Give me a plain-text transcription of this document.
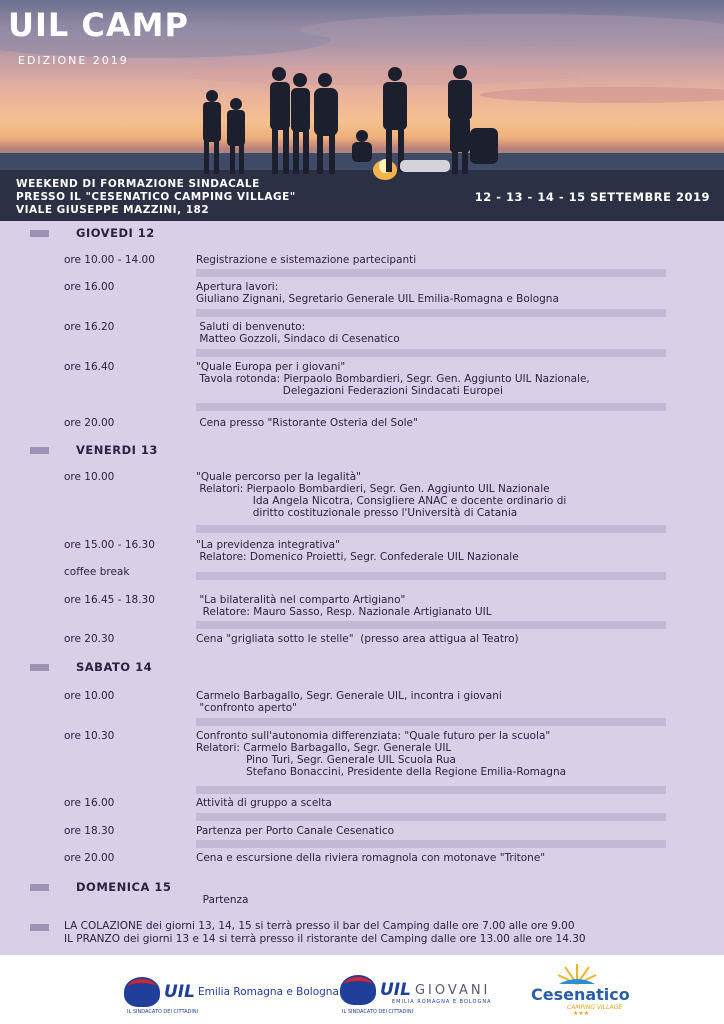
UIL CAMP
EDIZIONE 2019
WEEKEND DI FORMAZIONE SINDACALE
PRESSO IL "CESENATICO CAMPING VILLAGE"
VIALE GIUSEPPE MAZZINI, 182
12 - 13 - 14 - 15 SETTEMBRE 2019
GIOVEDI 12
ore 10.00 - 14.00	Registrazione e sistemazione partecipanti
ore 16.00	Apertura lavori:
Giuliano Zignani, Segretario Generale UIL Emilia-Romagna e Bologna
ore 16.20	Saluti di benvenuto:
Matteo Gozzoli, Sindaco di Cesenatico
ore 16.40	"Quale Europa per i giovani"
Tavola rotonda: Pierpaolo Bombardieri, Segr. Gen. Aggiunto UIL Nazionale,
Delegazioni Federazioni Sindacati Europei
ore 20.00	Cena presso "Ristorante Osteria del Sole"
VENERDI 13
ore 10.00	"Quale percorso per la legalità"
Relatori: Pierpaolo Bombardieri, Segr. Gen. Aggiunto UIL Nazionale
Ida Angela Nicotra, Consigliere ANAC e docente ordinario di
diritto costituzionale presso l'Università di Catania
ore 15.00 - 16.30	"La previdenza integrativa"
Relatore: Domenico Proietti, Segr. Confederale UIL Nazionale
coffee break
ore 16.45 - 18.30	"La bilateralità nel comparto Artigiano"
Relatore: Mauro Sasso, Resp. Nazionale Artigianato UIL
ore 20.30	Cena "grigliata sotto le stelle"  (presso area attigua al Teatro)
SABATO 14
ore 10.00	Carmelo Barbagallo, Segr. Generale UIL, incontra i giovani
"confronto aperto"
ore 10.30	Confronto sull'autonomia differenziata: "Quale futuro per la scuola"
Relatori: Carmelo Barbagallo, Segr. Generale UIL
Pino Turi, Segr. Generale UIL Scuola Rua
Stefano Bonaccini, Presidente della Regione Emilia-Romagna
ore 16.00	Attività di gruppo a scelta
ore 18.30	Partenza per Porto Canale Cesenatico
ore 20.00	Cena e escursione della riviera romagnola con motonave "Tritone"
DOMENICA 15
Partenza
LA COLAZIONE dei giorni 13, 14, 15 si terrà presso il bar del Camping dalle ore 7.00 alle ore 9.00
IL PRANZO dei giorni 13 e 14 si terrà presso il ristorante del Camping dalle ore 13.00 alle ore 14.30
UIL Emilia Romagna e Bologna
IL SINDACATO DEI CITTADINI
UIL GIOVANI
EMILIA ROMAGNA E BOLOGNA
IL SINDACATO DEI CITTADINI
Cesenatico
CAMPING VILLAGE
★★★
